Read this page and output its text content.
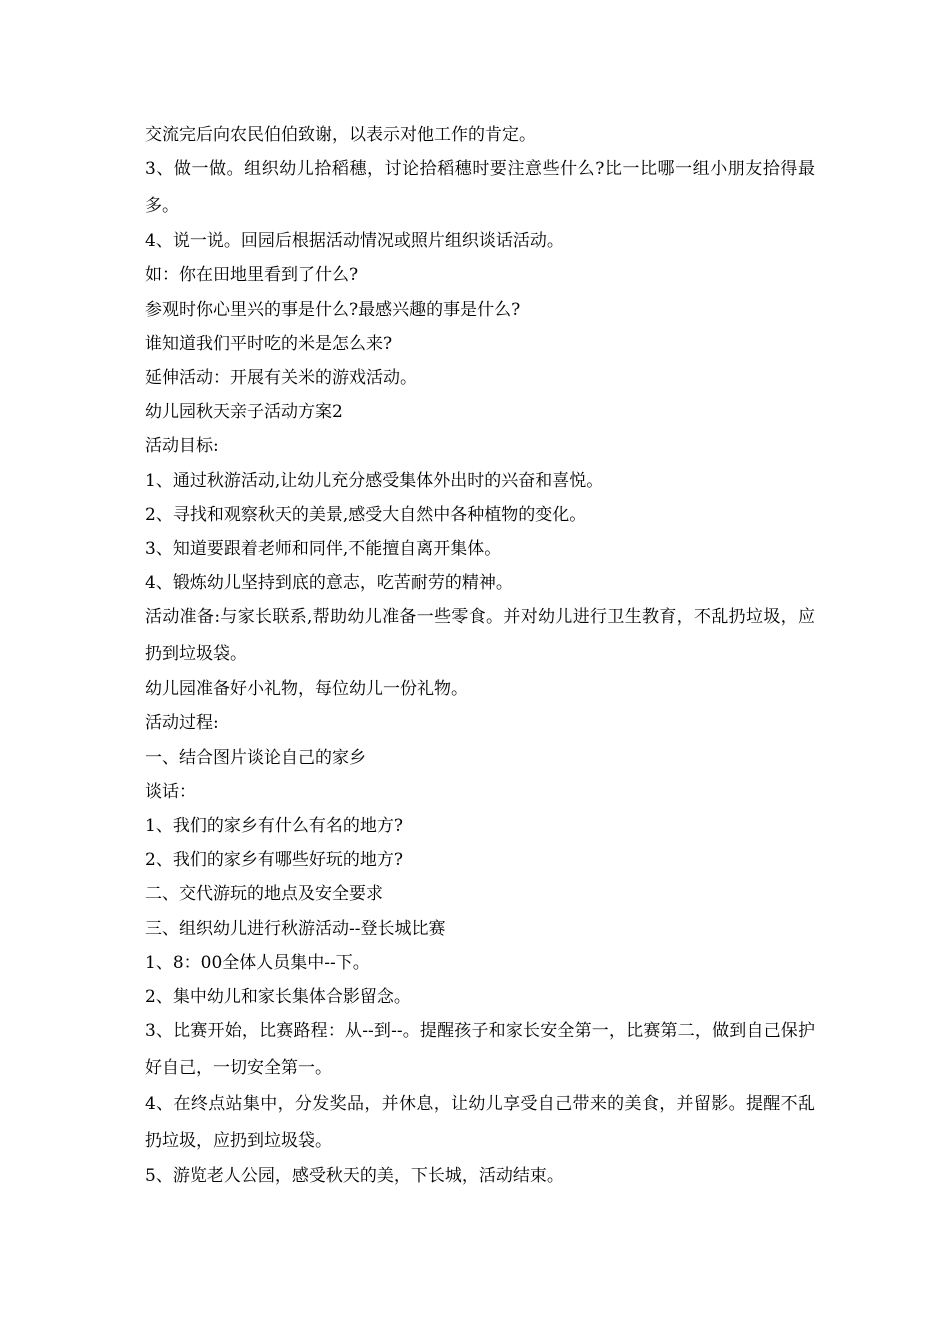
交流完后向农民伯伯致谢，以表示对他工作的肯定。
3、做一做。组织幼儿拾稻穗，讨论拾稻穗时要注意些什么?比一比哪一组小朋友拾得最多。
4、说一说。回园后根据活动情况或照片组织谈话活动。
如：你在田地里看到了什么?
参观时你心里兴的事是什么?最感兴趣的事是什么?
谁知道我们平时吃的米是怎么来?
延伸活动：开展有关米的游戏活动。
幼儿园秋天亲子活动方案2
活动目标:
1、通过秋游活动,让幼儿充分感受集体外出时的兴奋和喜悦。
2、寻找和观察秋天的美景,感受大自然中各种植物的变化。
3、知道要跟着老师和同伴,不能擅自离开集体。
4、锻炼幼儿坚持到底的意志，吃苦耐劳的精神。
活动准备:与家长联系,帮助幼儿准备一些零食。并对幼儿进行卫生教育，不乱扔垃圾，应扔到垃圾袋。
幼儿园准备好小礼物，每位幼儿一份礼物。
活动过程:
一、结合图片谈论自己的家乡
谈话：
1、我们的家乡有什么有名的地方?
2、我们的家乡有哪些好玩的地方?
二、交代游玩的地点及安全要求
三、组织幼儿进行秋游活动--登长城比赛
1、8：00全体人员集中--下。
2、集中幼儿和家长集体合影留念。
3、比赛开始，比赛路程：从--到--。提醒孩子和家长安全第一，比赛第二，做到自己保护好自己，一切安全第一。
4、在终点站集中，分发奖品，并休息，让幼儿享受自己带来的美食，并留影。提醒不乱扔垃圾，应扔到垃圾袋。
5、游览老人公园，感受秋天的美，下长城，活动结束。
